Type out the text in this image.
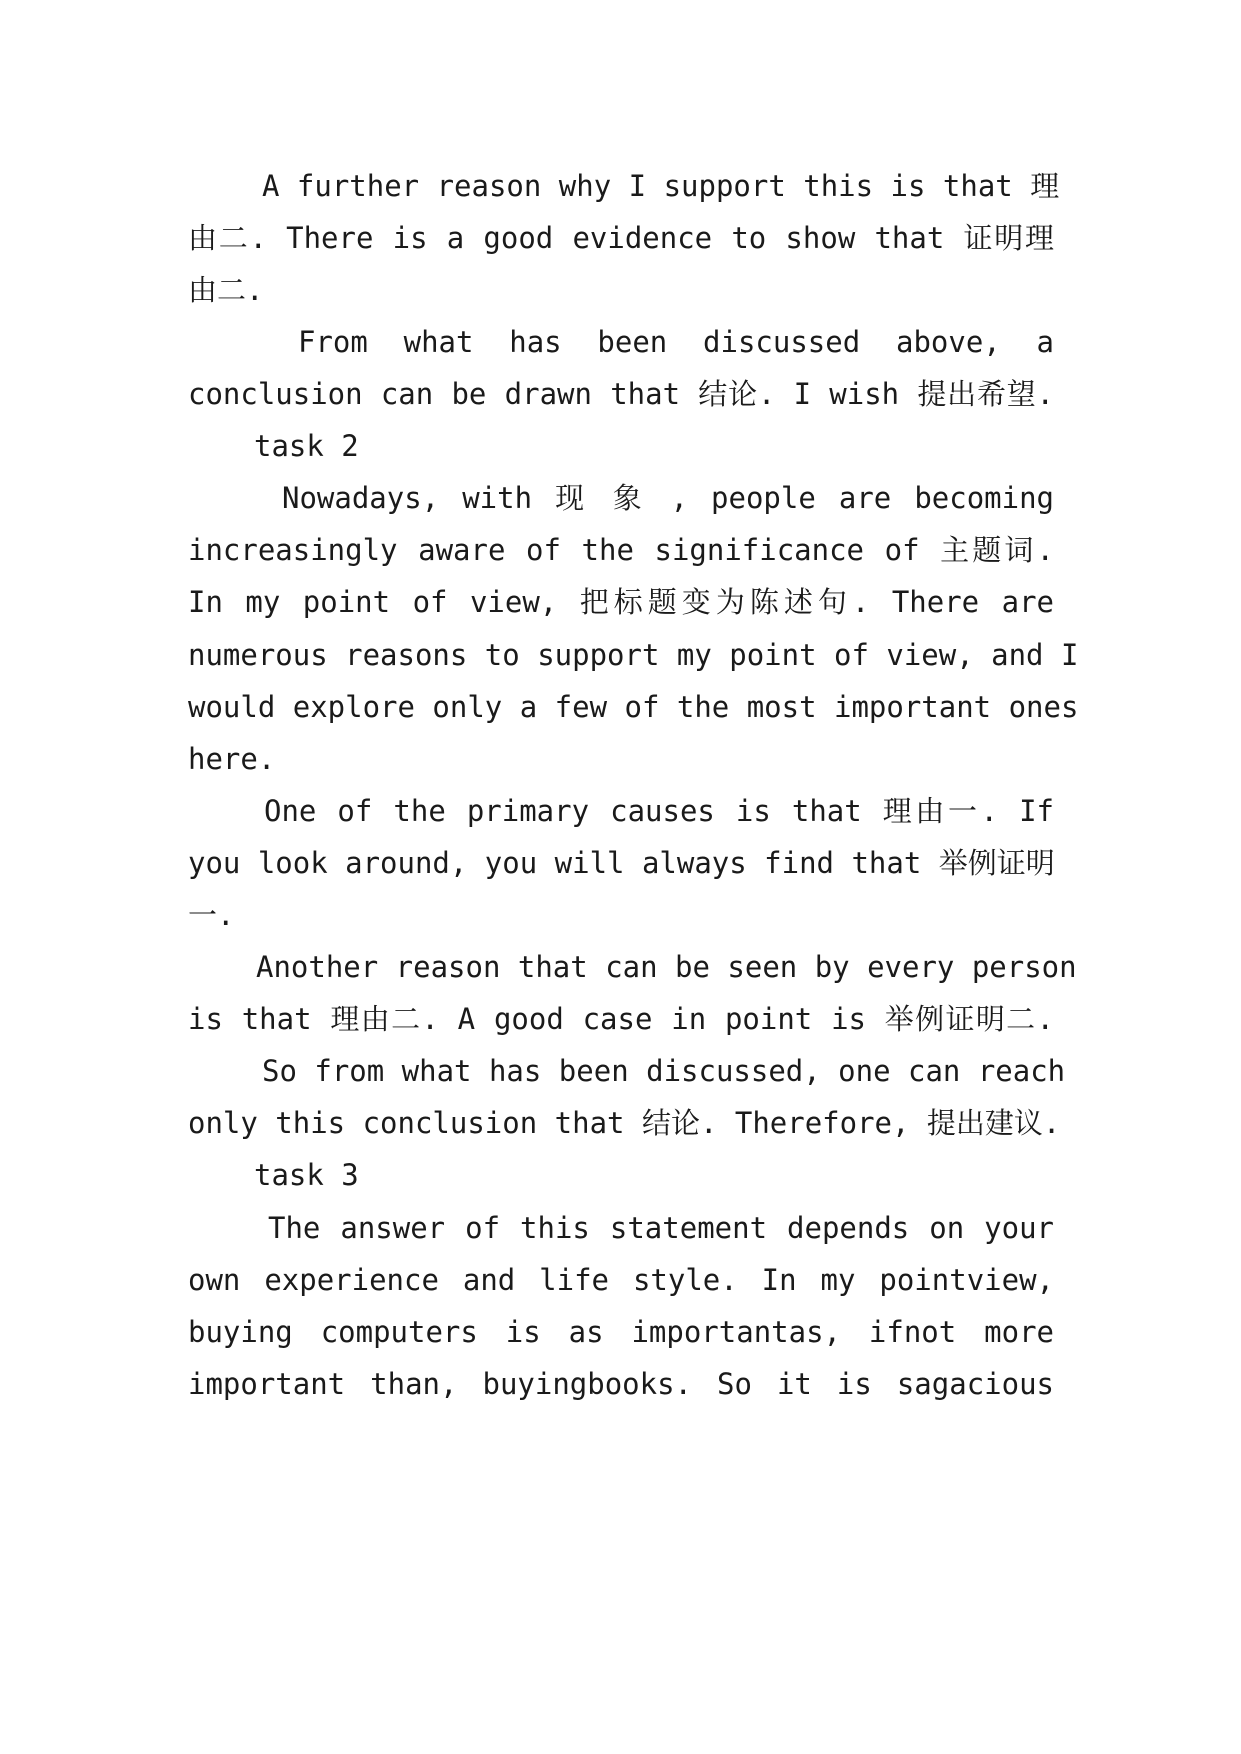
A further reason why I support this is that 理
由二. There is a good evidence to show that 证明理
由二.
From what has been discussed above, a
conclusion can be drawn that 结论. I wish 提出希望.
task 2
Nowadays, with 现 象 , people are becoming
increasingly aware of the significance of 主题词.
In my point of view, 把标题变为陈述句. There are
numerous reasons to support my point of view, and I
would explore only a few of the most important ones
here.
One of the primary causes is that 理由一. If
you look around, you will always find that 举例证明
一.
Another reason that can be seen by every person
is that 理由二. A good case in point is 举例证明二.
So from what has been discussed, one can reach
only this conclusion that 结论. Therefore, 提出建议.
task 3
The answer of this statement depends on your
own experience and life style. In my pointview,
buying computers is as importantas, ifnot more
important than, buyingbooks. So it is sagacious
